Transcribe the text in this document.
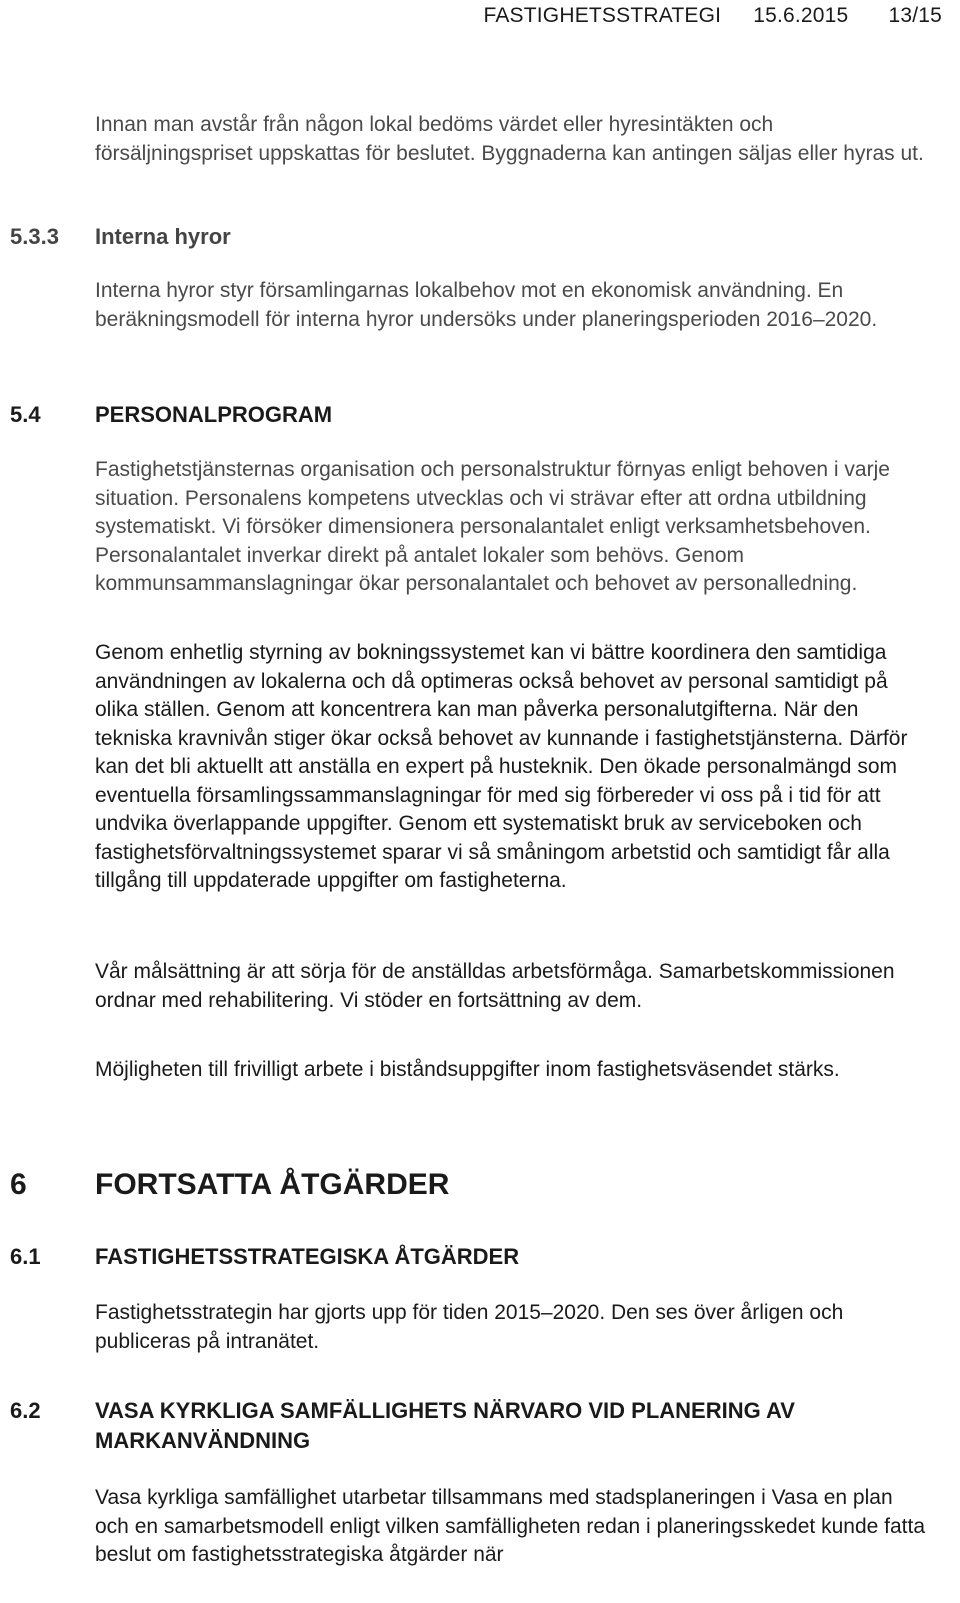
FASTIGHETSSTRATEGI 15.6.2015 13/15

Innan man avstår från någon lokal bedöms värdet eller hyresintäkten och försäljningspriset uppskattas för beslutet. Byggnaderna kan antingen säljas eller hyras ut.

5.3.3 Interna hyror

Interna hyror styr församlingarnas lokalbehov mot en ekonomisk användning. En beräkningsmodell för interna hyror undersöks under planeringsperioden 2016–2020.

5.4 PERSONALPROGRAM

Fastighetstjänsternas organisation och personalstruktur förnyas enligt behoven i varje situation. Personalens kompetens utvecklas och vi strävar efter att ordna utbildning systematiskt. Vi försöker dimensionera personalantalet enligt verksamhetsbehoven. Personalantalet inverkar direkt på antalet lokaler som behövs. Genom kommunsammanslagningar ökar personalantalet och behovet av personalledning.

Genom enhetlig styrning av bokningssystemet kan vi bättre koordinera den samtidiga användningen av lokalerna och då optimeras också behovet av personal samtidigt på olika ställen. Genom att koncentrera kan man påverka personalutgifterna. När den tekniska kravnivån stiger ökar också behovet av kunnande i fastighetstjänsterna. Därför kan det bli aktuellt att anställa en expert på husteknik. Den ökade personalmängd som eventuella församlingssammanslagningar för med sig förbereder vi oss på i tid för att undvika överlappande uppgifter. Genom ett systematiskt bruk av serviceboken och fastighetsförvaltningssystemet sparar vi så småningom arbetstid och samtidigt får alla tillgång till uppdaterade uppgifter om fastigheterna.

Vår målsättning är att sörja för de anställdas arbetsförmåga. Samarbetskommissionen ordnar med rehabilitering. Vi stöder en fortsättning av dem.

Möjligheten till frivilligt arbete i biståndsuppgifter inom fastighetsväsendet stärks.

6 FORTSATTA ÅTGÄRDER
6.1 FASTIGHETSSTRATEGISKA ÅTGÄRDER

Fastighetsstrategin har gjorts upp för tiden 2015–2020. Den ses över årligen och publiceras på intranätet.

6.2 VASA KYRKLIGA SAMFÄLLIGHETS NÄRVARO VID PLANERING AV MARKANVÄNDNING

Vasa kyrkliga samfällighet utarbetar tillsammans med stadsplaneringen i Vasa en plan och en samarbetsmodell enligt vilken samfälligheten redan i planeringsskedet kunde fatta beslut om fastighetsstrategiska åtgärder när
